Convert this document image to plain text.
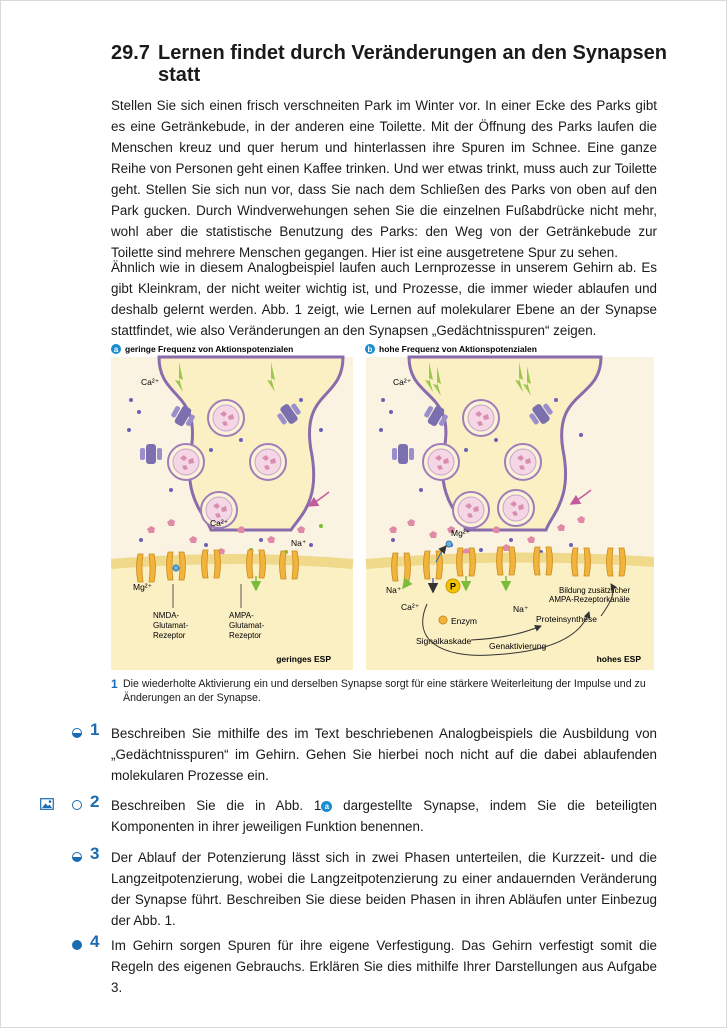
29.7 Lernen findet durch Veränderungen an den Synapsen statt

Stellen Sie sich einen frisch verschneiten Park im Winter vor. In einer Ecke des Parks gibt es eine Getränkebude, in der anderen eine Toilette. Mit der Öffnung des Parks laufen die Menschen kreuz und quer herum und hinterlassen ihre Spuren im Schnee. Eine ganze Reihe von Personen geht einen Kaffee trinken. Und wer etwas trinkt, muss auch zur Toilette geht. Stellen Sie sich nun vor, dass Sie nach dem Schließen des Parks von oben auf den Park gucken. Durch Windverwehungen sehen Sie die einzelnen Fußabdrücke nicht mehr, wohl aber die statistische Benutzung des Parks: den Weg von der Getränkebude zur Toilette sind mehrere Menschen gegangen. Hier ist eine ausgetretene Spur zu sehen.

Ähnlich wie in diesem Analogbeispiel laufen auch Lernprozesse in unserem Gehirn ab. Es gibt Kleinkram, der nicht weiter wichtig ist, und Prozesse, die immer wieder ablaufen und deshalb gelernt werden. Abb. 1 zeigt, wie Lernen auf molekularer Ebene an der Synapse stattfindet, wie also Veränderungen an den Synapsen „Gedächtnisspuren“ zeigen.

a geringe Frequenz von Aktionspotenzialen
Ca²⁺
Ca²⁺
Na⁺
Mg²⁺
NMDA-
Glutamat-
Rezeptor
AMPA-
Glutamat-
Rezeptor
geringes ESP
b hohe Frequenz von Aktionspotenzialen
Ca²⁺
Mg²⁺
Na⁺
Ca²⁺
P
Enzym
Na⁺
Bildung zusätzlicher
AMPA-Rezeptorkanäle
Proteinsynthese
Signalkaskade Genaktivierung
hohes ESP
1 Die wiederholte Aktivierung ein und derselben Synapse sorgt für eine stärkere Weiterleitung der Impulse und zu Änderungen an der Synapse.
1 Beschreiben Sie mithilfe des im Text beschriebenen Analogbeispiels die Ausbildung von „Gedächtnisspuren“ im Gehirn. Gehen Sie hierbei noch nicht auf die dabei ablaufenden molekularen Prozesse ein.
2 Beschreiben Sie die in Abb. 1 a dargestellte Synapse, indem Sie die beteiligten Komponenten in ihrer jeweiligen Funktion benennen.
3 Der Ablauf der Potenzierung lässt sich in zwei Phasen unterteilen, die Kurzzeit- und die Langzeitpotenzierung, wobei die Langzeitpotenzierung zu einer andauernden Veränderung der Synapse führt. Beschreiben Sie diese beiden Phasen in ihren Abläufen unter Einbezug der Abb. 1.
4 Im Gehirn sorgen Spuren für ihre eigene Verfestigung. Das Gehirn verfestigt somit die Regeln des eigenen Gebrauchs. Erklären Sie dies mithilfe Ihrer Darstellungen aus Aufgabe 3.
